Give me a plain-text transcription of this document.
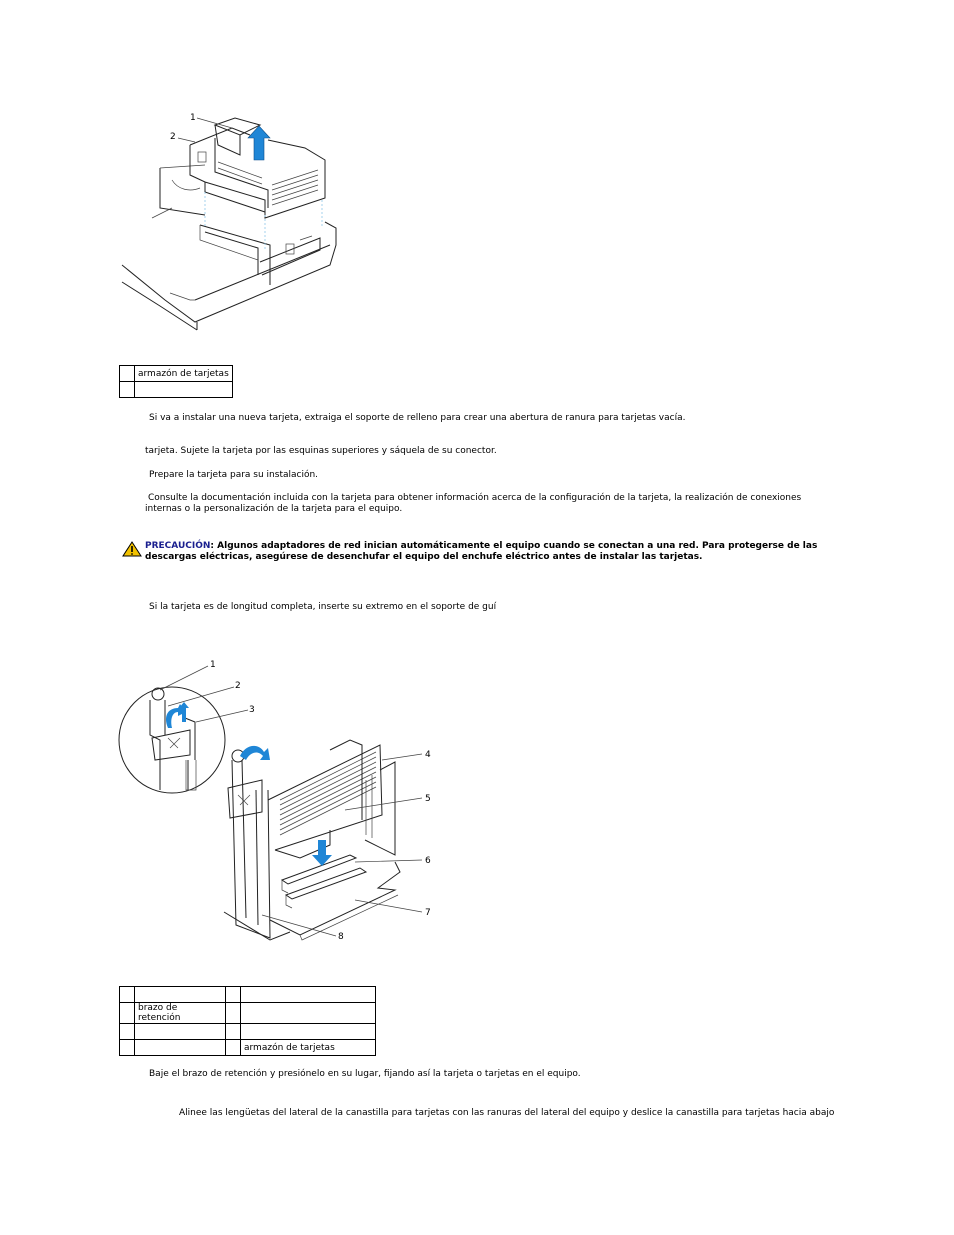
1
2
	armazón de tarjetas

Si va a instalar una nueva tarjeta, extraiga el soporte de relleno para crear una abertura de ranura para tarjetas vacía.
tarjeta. Sujete la tarjeta por las esquinas superiores y sáquela de su conector.
Prepare la tarjeta para su instalación.
Consulte la documentación incluida con la tarjeta para obtener información acerca de la configuración de la tarjeta, la realización de conexiones internas o la personalización de la tarjeta para el equipo.
PRECAUCIÓN: Algunos adaptadores de red inician automáticamente el equipo cuando se conectan a una red. Para protegerse de las descargas eléctricas, asegúrese de desenchufar el equipo del enchufe eléctrico antes de instalar las tarjetas.
Si la tarjeta es de longitud completa, inserte su extremo en el soporte de guí
1
2
3
4
5
6
7
8

	brazo de retención		

			armazón de tarjetas
Baje el brazo de retención y presiónelo en su lugar, fijando así la tarjeta o tarjetas en el equipo.
Alinee las lengüetas del lateral de la canastilla para tarjetas con las ranuras del lateral del equipo y deslice la canastilla para tarjetas hacia abajo
